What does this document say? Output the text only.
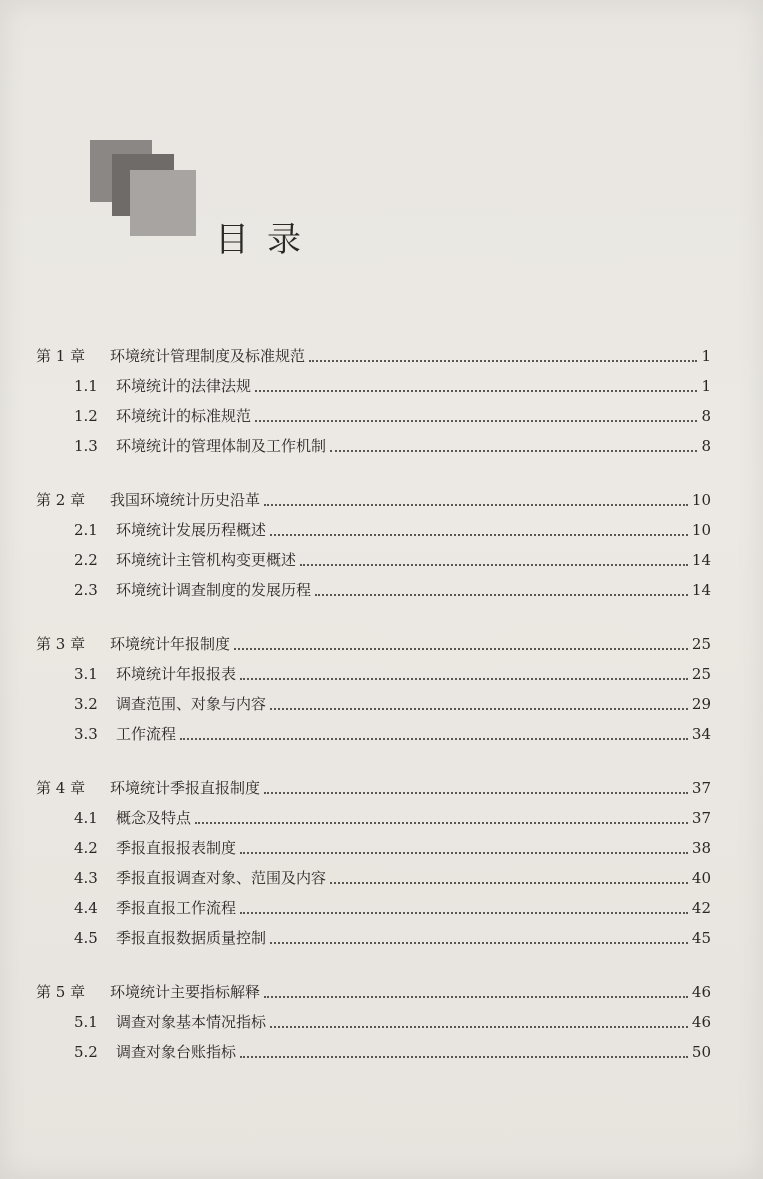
目录
第 1 章	环境统计管理制度及标准规范	1
1.1	环境统计的法律法规	1
1.2	环境统计的标准规范	8
1.3	环境统计的管理体制及工作机制	8
第 2 章	我国环境统计历史沿革	10
2.1	环境统计发展历程概述	10
2.2	环境统计主管机构变更概述	14
2.3	环境统计调查制度的发展历程	14
第 3 章	环境统计年报制度	25
3.1	环境统计年报报表	25
3.2	调查范围、对象与内容	29
3.3	工作流程	34
第 4 章	环境统计季报直报制度	37
4.1	概念及特点	37
4.2	季报直报报表制度	38
4.3	季报直报调查对象、范围及内容	40
4.4	季报直报工作流程	42
4.5	季报直报数据质量控制	45
第 5 章	环境统计主要指标解释	46
5.1	调查对象基本情况指标	46
5.2	调查对象台账指标	50
